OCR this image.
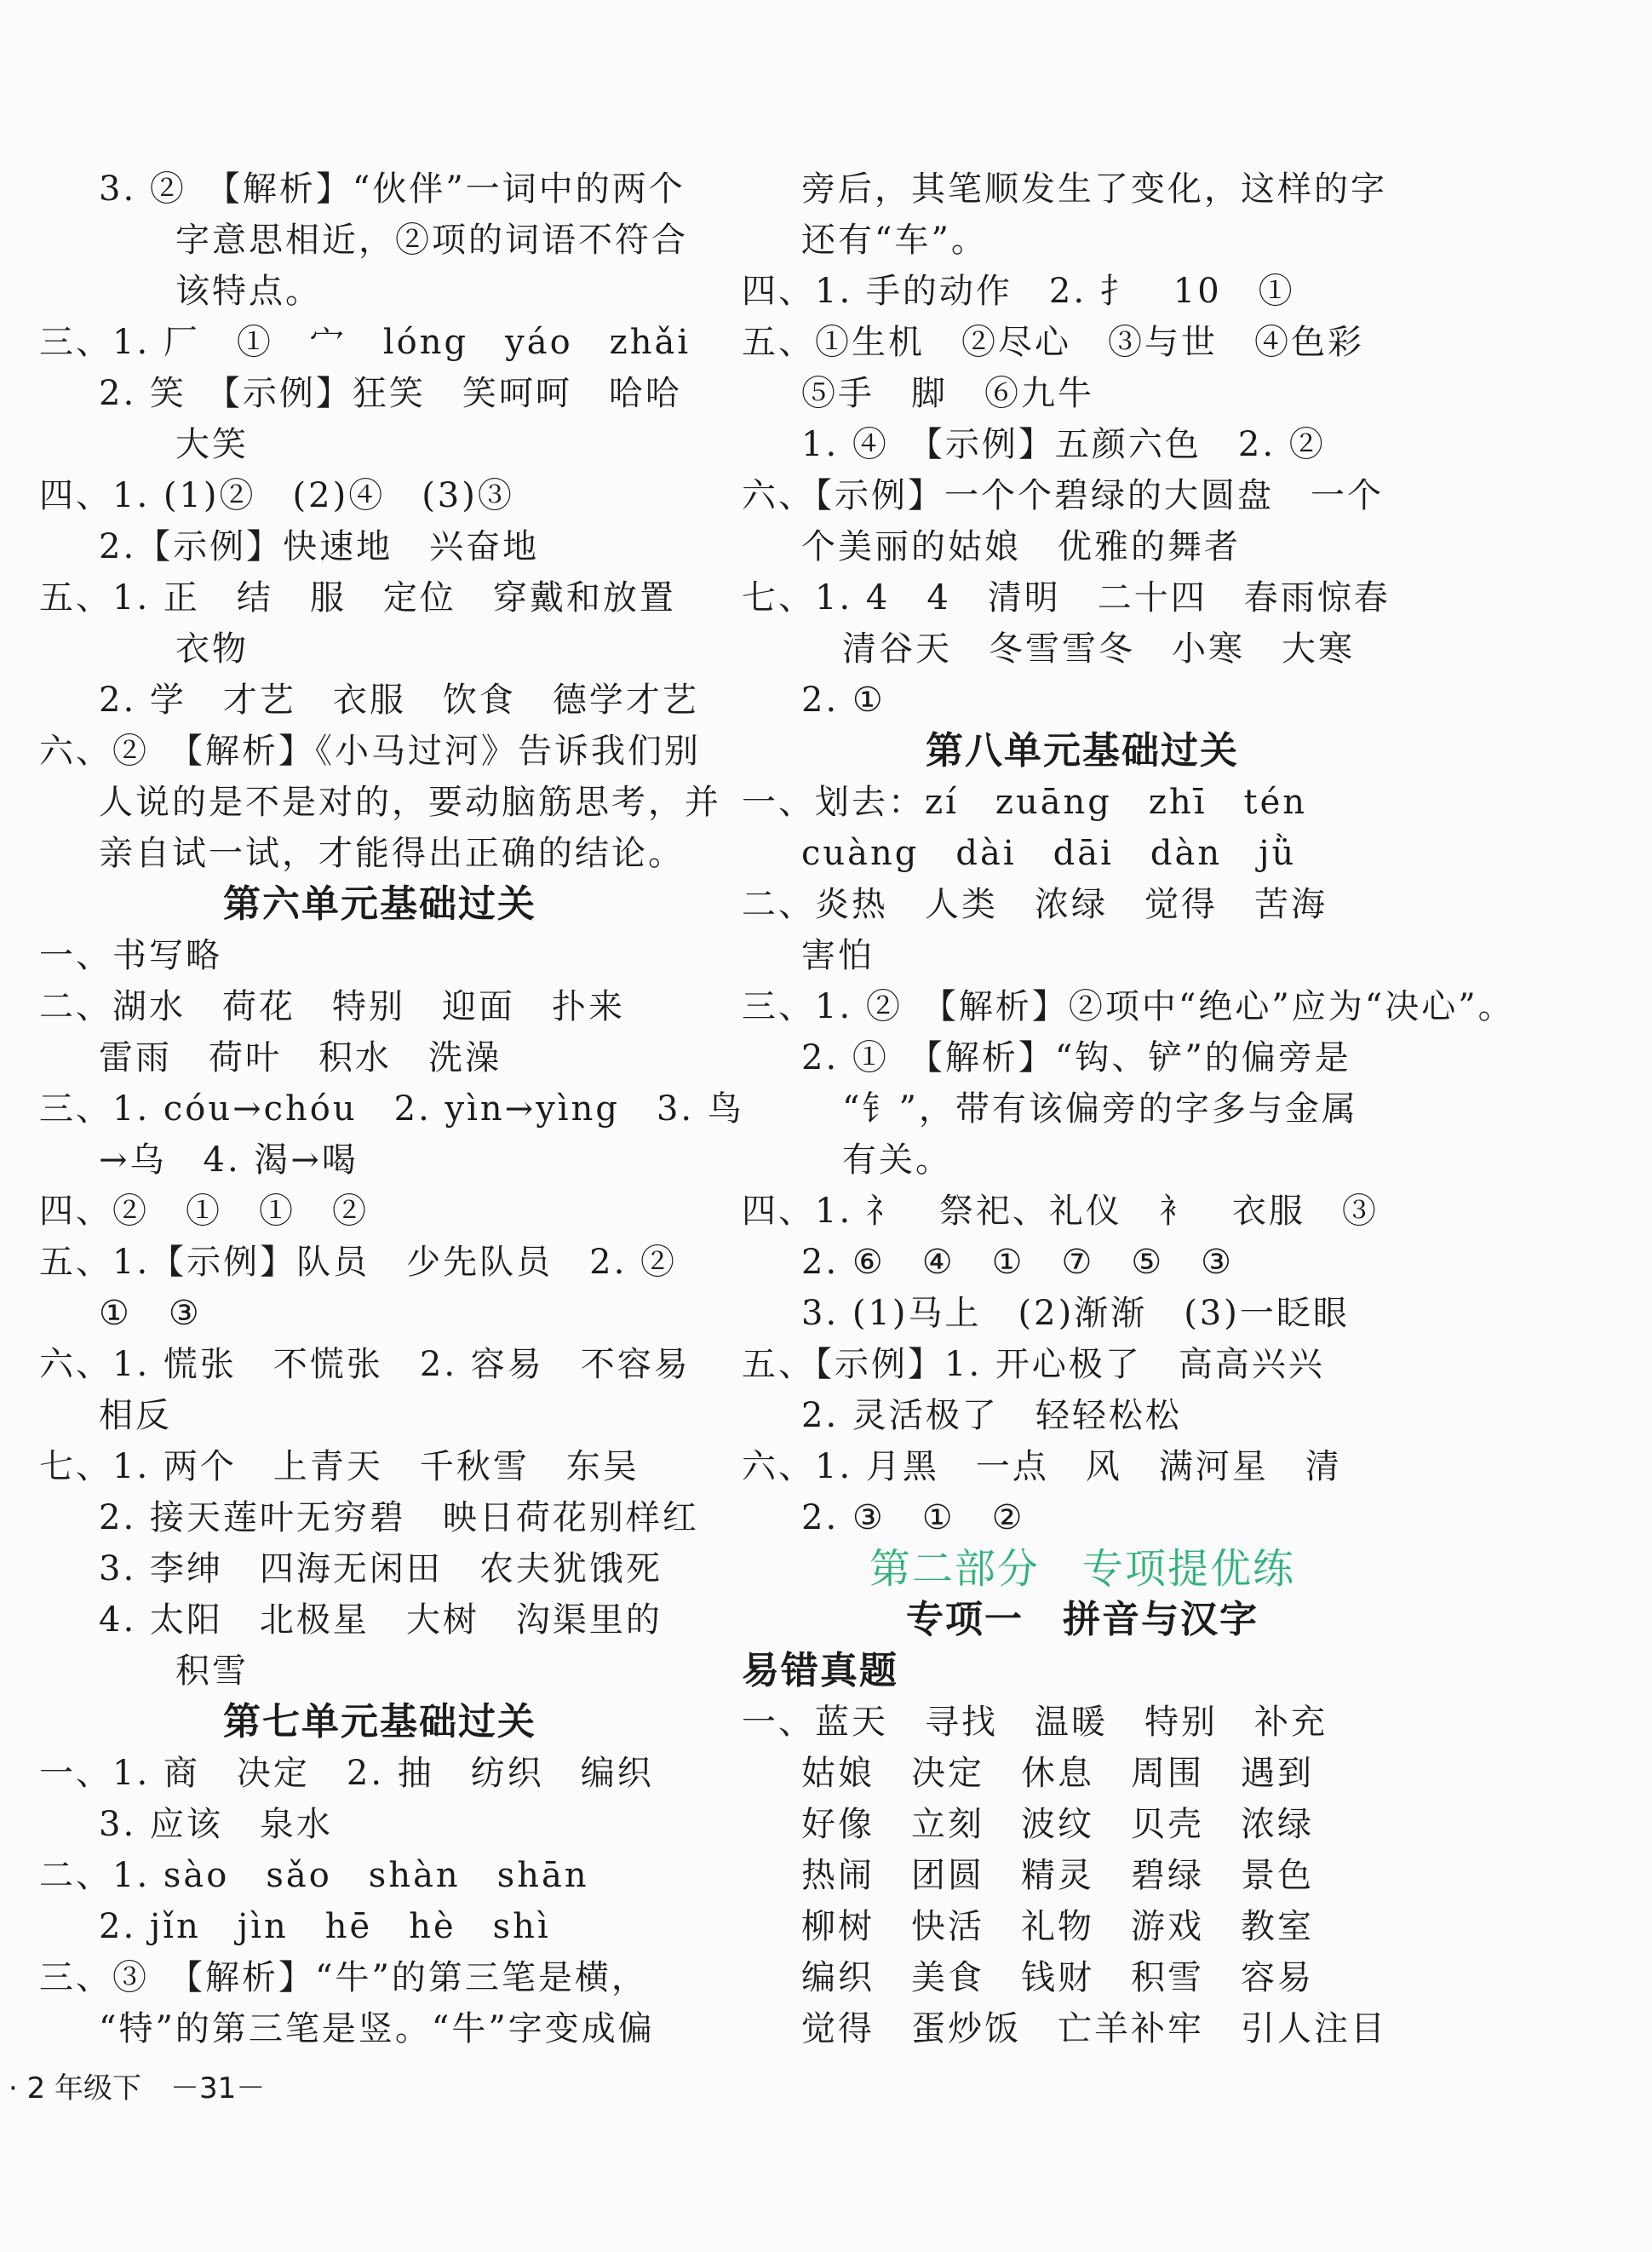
3. ②　【解析】“伙伴”一词中的两个
字意思相近，②项的词语不符合
该特点。
三、1. 厂　①　宀　lóng　yáo　zhǎi
2. 笑　【示例】狂笑　笑呵呵　哈哈
大笑
四、1. (1)②　(2)④　(3)③
2.【示例】快速地　兴奋地
五、1. 正　结　服　定位　穿戴和放置
衣物
2. 学　才艺　衣服　饮食　德学才艺
六、②　【解析】《小马过河》告诉我们别
人说的是不是对的，要动脑筋思考，并
亲自试一试，才能得出正确的结论。
第六单元基础过关
一、书写略
二、湖水　荷花　特别　迎面　扑来
雷雨　荷叶　积水　洗澡
三、1. cóu→chóu　2. yìn→yìng　3. 鸟
→乌　4. 渴→喝
四、②　①　①　②
五、1.【示例】队员　少先队员　2. ②
①　③
六、1. 慌张　不慌张　2. 容易　不容易
相反
七、1. 两个　上青天　千秋雪　东吴
2. 接天莲叶无穷碧　映日荷花别样红
3. 李绅　四海无闲田　农夫犹饿死
4. 太阳　北极星　大树　沟渠里的
积雪
第七单元基础过关
一、1. 商　决定　2. 抽　纺织　编织
3. 应该　泉水
二、1. sào　sǎo　shàn　shān
2. jǐn　jìn　hē　hè　shì
三、③　【解析】“牛”的第三笔是横，
“特”的第三笔是竖。“牛”字变成偏
旁后，其笔顺发生了变化，这样的字
还有“车”。
四、1. 手的动作　2. 扌　10　①
五、①生机　②尽心　③与世　④色彩
⑤手　脚　⑥九牛
1. ④　【示例】五颜六色　2. ②
六、【示例】一个个碧绿的大圆盘　一个
个美丽的姑娘　优雅的舞者
七、1. 4　4　清明　二十四　春雨惊春
清谷天　冬雪雪冬　小寒　大寒
2. ①
第八单元基础过关
一、划去：zí　zuāng　zhī　tén
cuàng　dài　dāi　dàn　jǜ
二、炎热　人类　浓绿　觉得　苦海
害怕
三、1. ②　【解析】②项中“绝心”应为“决心”。
2. ①　【解析】“钩、铲”的偏旁是
“钅”，带有该偏旁的字多与金属
有关。
四、1. 礻　祭祀、礼仪　衤　衣服　③
2. ⑥　④　①　⑦　⑤　③
3. (1)马上　(2)渐渐　(3)一眨眼
五、【示例】1. 开心极了　高高兴兴
2. 灵活极了　轻轻松松
六、1. 月黑　一点　风　满河星　清
2. ③　①　②
第二部分　专项提优练
专项一　拼音与汉字
易错真题
一、蓝天　寻找　温暖　特别　补充
姑娘　决定　休息　周围　遇到
好像　立刻　波纹　贝壳　浓绿
热闹　团圆　精灵　碧绿　景色
柳树　快活　礼物　游戏　教室
编织　美食　钱财　积雪　容易
觉得　蛋炒饭　亡羊补牢　引人注目
· 2 年级下　－31－
